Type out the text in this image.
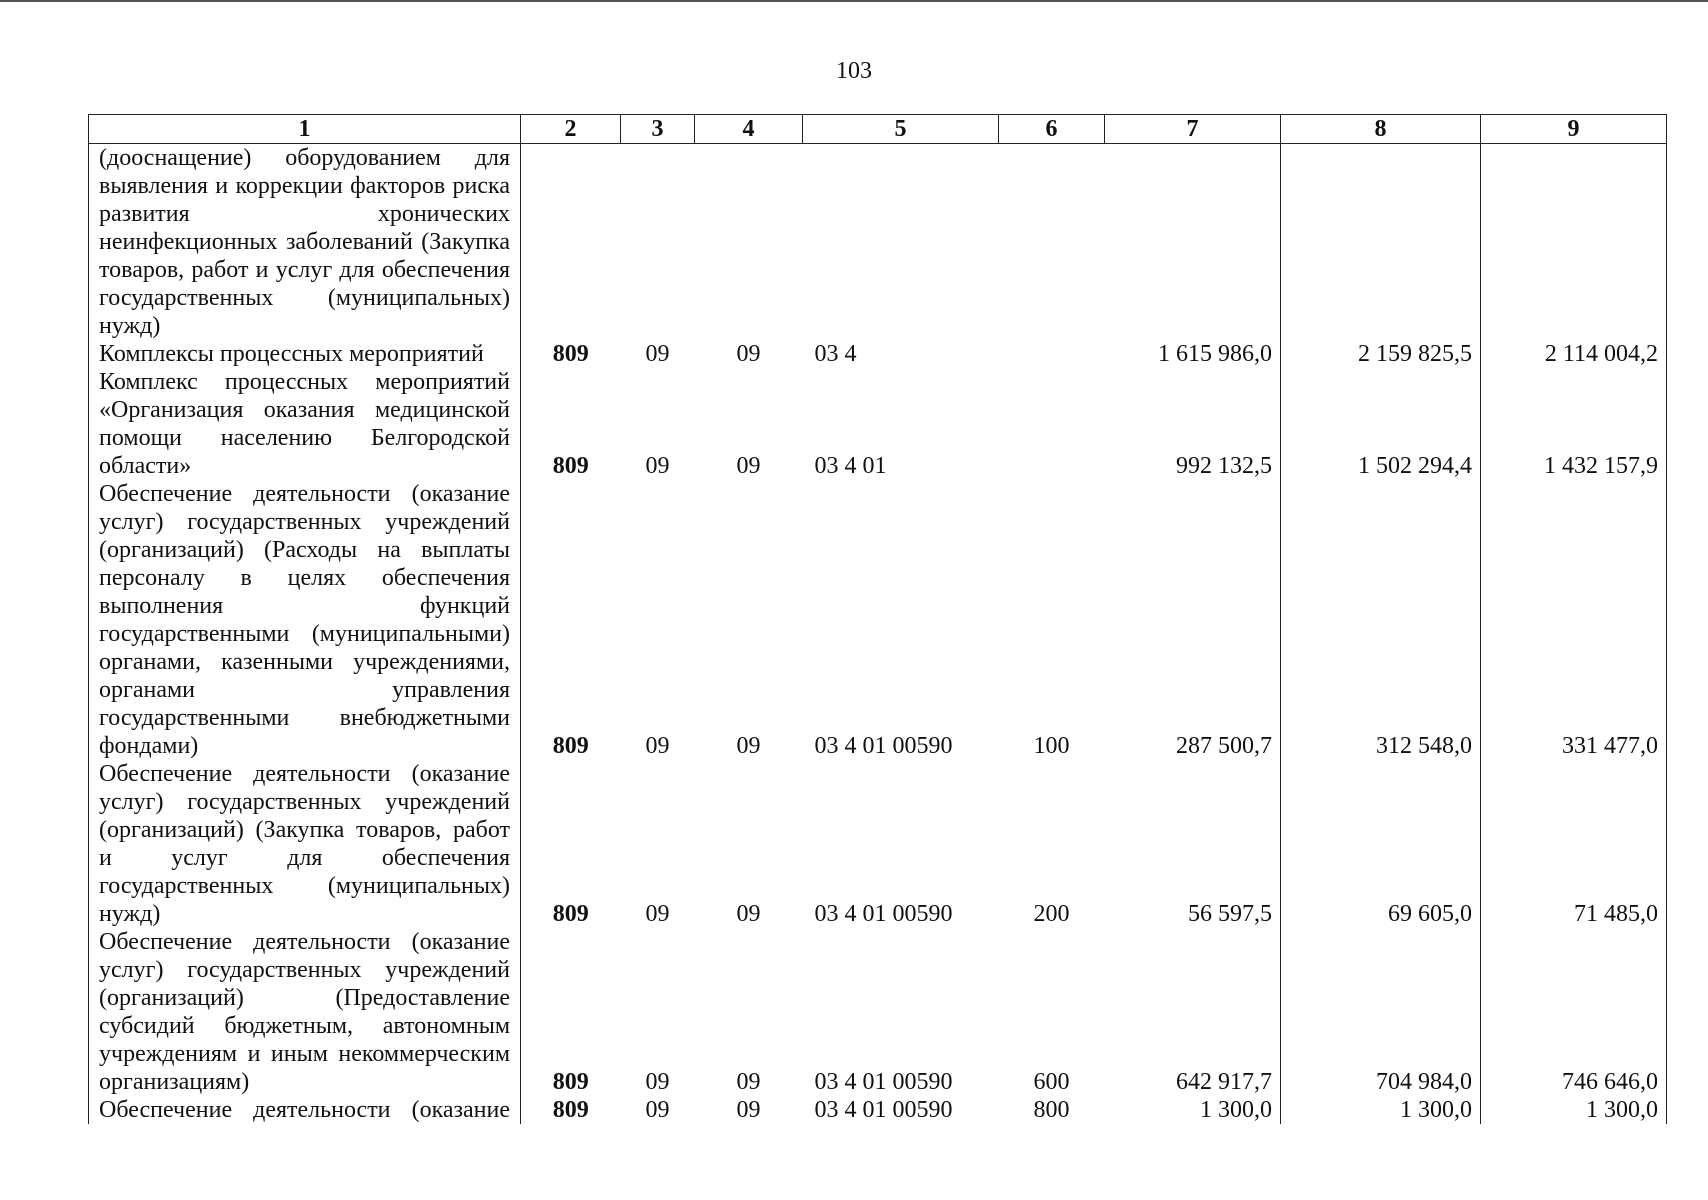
103
1	2	3	4	5	6	7	8	9
(дооснащение) оборудованием для выявления и коррекции факторов риска развития хронических неинфекционных заболеваний (Закупка товаров, работ и услуг для обеспечения государственных (муниципальных) нужд)								
Комплексы процессных мероприятий	809	09	09	03 4		1 615 986,0	2 159 825,5	2 114 004,2
Комплекс процессных мероприятий «Организация оказания медицинской помощи населению Белгородской области»	809	09	09	03 4 01		992 132,5	1 502 294,4	1 432 157,9
Обеспечение деятельности (оказание услуг) государственных учреждений (организаций) (Расходы на выплаты персоналу в целях обеспечения выполнения функций государственными (муниципальными) органами, казенными учреждениями, органами управления государственными внебюджетными фондами)	809	09	09	03 4 01 00590	100	287 500,7	312 548,0	331 477,0
Обеспечение деятельности (оказание услуг) государственных учреждений (организаций) (Закупка товаров, работ и услуг для обеспечения государственных (муниципальных) нужд)	809	09	09	03 4 01 00590	200	56 597,5	69 605,0	71 485,0
Обеспечение деятельности (оказание услуг) государственных учреждений (организаций) (Предоставление субсидий бюджетным, автономным учреждениям и иным некоммерческим организациям)	809	09	09	03 4 01 00590	600	642 917,7	704 984,0	746 646,0
Обеспечение деятельности (оказание	809	09	09	03 4 01 00590	800	1 300,0	1 300,0	1 300,0
